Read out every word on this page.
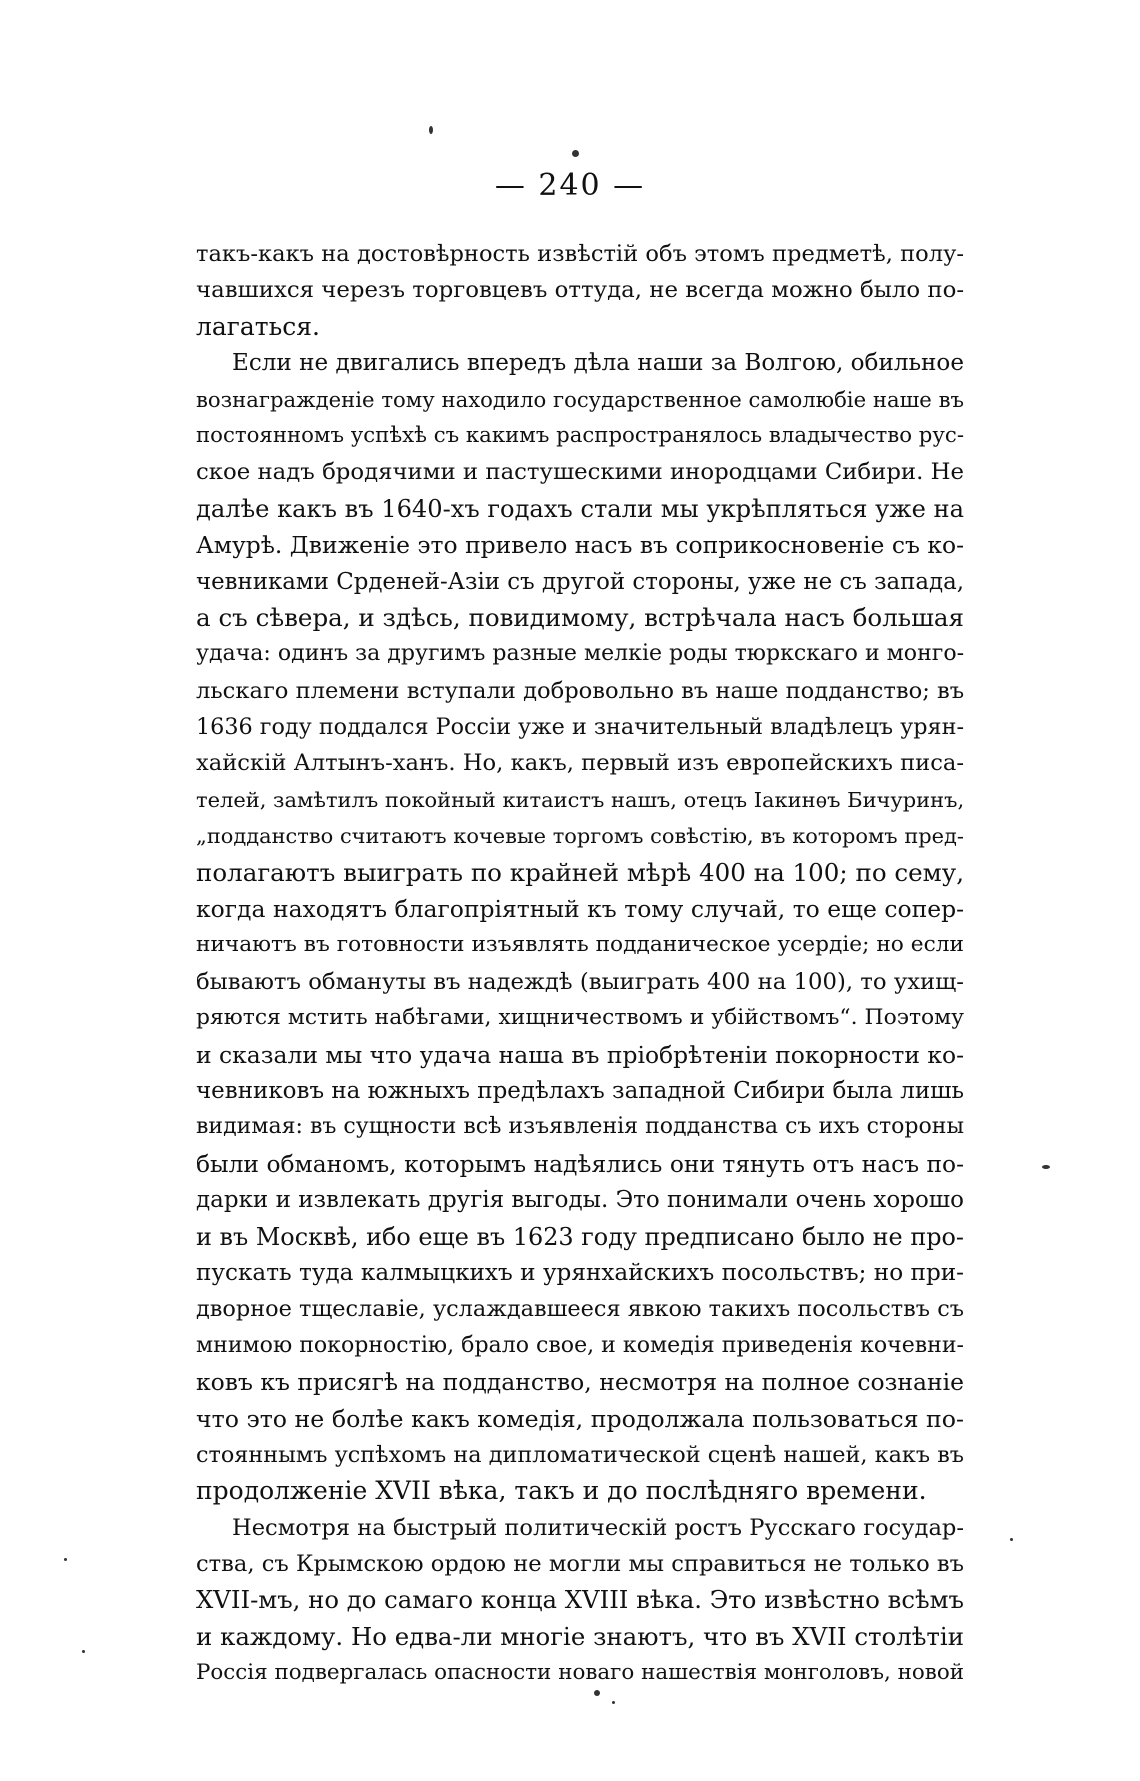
— 240 —
такъ-какъ на достовѣрность извѣстій объ этомъ предметѣ, полу-
чавшихся черезъ торговцевъ оттуда, не всегда можно было по-
лагаться.
Если не двигались впередъ дѣла наши за Волгою, обильное
вознагражденіе тому находило государственное самолюбіе наше въ
постоянномъ успѣхѣ съ какимъ распространялось владычество рус-
ское надъ бродячими и пастушескими инородцами Сибири. Не
далѣе какъ въ 1640-хъ годахъ стали мы укрѣпляться уже на
Амурѣ. Движеніе это привело насъ въ соприкосновеніе съ ко-
чевниками Срденей-Азіи съ другой стороны, уже не съ запада,
а съ сѣвера, и здѣсь, повидимому, встрѣчала насъ большая
удача: одинъ за другимъ разные мелкіе роды тюркскаго и монго-
льскаго племени вступали добровольно въ наше подданство; въ
1636 году поддался Россіи уже и значительный владѣлецъ урян-
хайскій Алтынъ-ханъ. Но, какъ, первый изъ европейскихъ писа-
телей, замѣтилъ покойный китаистъ нашъ, отецъ Іакинѳъ Бичуринъ,
„подданство считаютъ кочевые торгомъ совѣстію, въ которомъ пред-
полагаютъ выиграть по крайней мѣрѣ 400 на 100; по сему,
когда находятъ благопріятный къ тому случай, то еще сопер-
ничаютъ въ готовности изъявлять подданическое усердіе; но если
бываютъ обмануты въ надеждѣ (выиграть 400 на 100), то ухищ-
ряются мстить набѣгами, хищничествомъ и убійствомъ“. Поэтому
и сказали мы что удача наша въ пріобрѣтеніи покорности ко-
чевниковъ на южныхъ предѣлахъ западной Сибири была лишь
видимая: въ сущности всѣ изъявленія подданства съ ихъ стороны
были обманомъ, которымъ надѣялись они тянуть отъ насъ по-
дарки и извлекать другія выгоды. Это понимали очень хорошо
и въ Москвѣ, ибо еще въ 1623 году предписано было не про-
пускать туда калмыцкихъ и урянхайскихъ посольствъ; но при-
дворное тщеславіе, услаждавшееся явкою такихъ посольствъ съ
мнимою покорностію, брало свое, и комедія приведенія кочевни-
ковъ къ присягѣ на подданство, несмотря на полное сознаніе
что это не болѣе какъ комедія, продолжала пользоваться по-
стояннымъ успѣхомъ на дипломатической сценѣ нашей, какъ въ
продолженіе XVII вѣка, такъ и до послѣдняго времени.
Несмотря на быстрый политическій ростъ Русскаго государ-
ства, съ Крымскою ордою не могли мы справиться не только въ
XVII-мъ, но до самаго конца XVIII вѣка. Это извѣстно всѣмъ
и каждому. Но едва-ли многіе знаютъ, что въ XVII столѣтіи
Россія подвергалась опасности новаго нашествія монголовъ, новой
